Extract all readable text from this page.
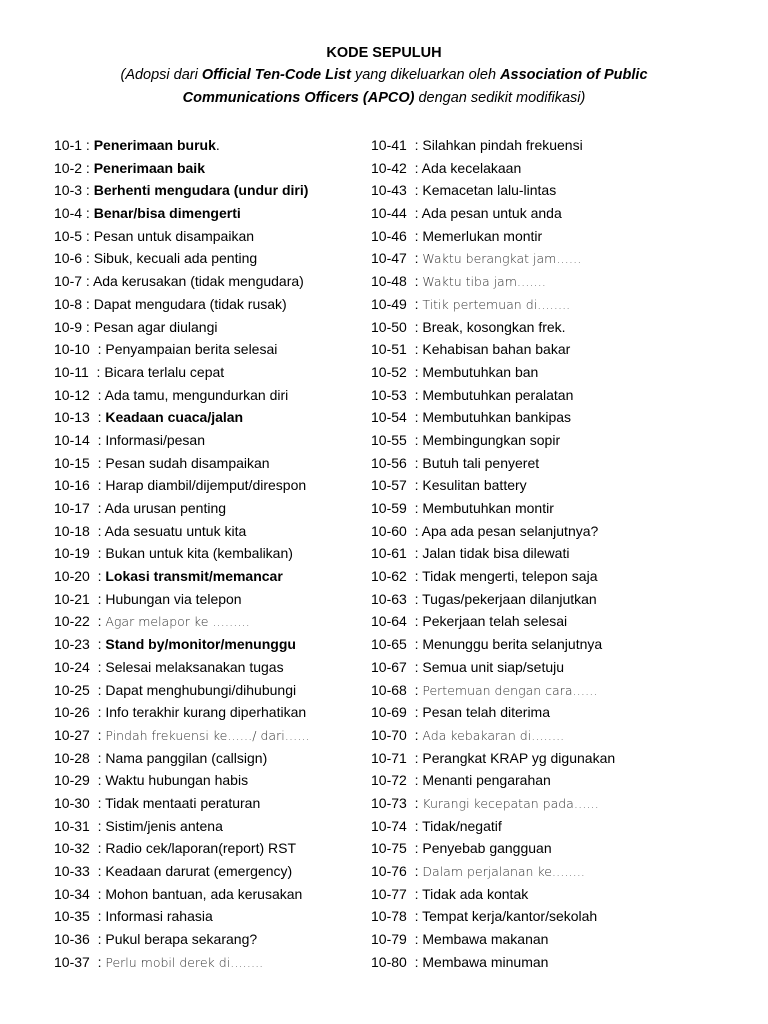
KODE SEPULUH
(Adopsi dari Official Ten-Code List yang dikeluarkan oleh Association of Public
Communications Officers (APCO) dengan sedikit modifikasi)
10-1 : Penerimaan buruk.
10-2 : Penerimaan baik
10-3 : Berhenti mengudara (undur diri)
10-4 : Benar/bisa dimengerti
10-5 : Pesan untuk disampaikan
10-6 : Sibuk, kecuali ada penting
10-7 : Ada kerusakan (tidak mengudara)
10-8 : Dapat mengudara (tidak rusak)
10-9 : Pesan agar diulangi
10-10  : Penyampaian berita selesai
10-11  : Bicara terlalu cepat
10-12  : Ada tamu, mengundurkan diri
10-13  : Keadaan cuaca/jalan
10-14  : Informasi/pesan
10-15  : Pesan sudah disampaikan
10-16  : Harap diambil/dijemput/direspon
10-17  : Ada urusan penting
10-18  : Ada sesuatu untuk kita
10-19  : Bukan untuk kita (kembalikan)
10-20  : Lokasi transmit/memancar
10-21  : Hubungan via telepon
10-22  : Agar melapor ke ………
10-23  : Stand by/monitor/menunggu
10-24  : Selesai melaksanakan tugas
10-25  : Dapat menghubungi/dihubungi
10-26  : Info terakhir kurang diperhatikan
10-27  : Pindah frekuensi ke……/ dari……
10-28  : Nama panggilan (callsign)
10-29  : Waktu hubungan habis
10-30  : Tidak mentaati peraturan
10-31  : Sistim/jenis antena
10-32  : Radio cek/laporan(report) RST
10-33  : Keadaan darurat (emergency)
10-34  : Mohon bantuan, ada kerusakan
10-35  : Informasi rahasia
10-36  : Pukul berapa sekarang?
10-37  : Perlu mobil derek di……..
10-41  : Silahkan pindah frekuensi
10-42  : Ada kecelakaan
10-43  : Kemacetan lalu-lintas
10-44  : Ada pesan untuk anda
10-46  : Memerlukan montir
10-47  : Waktu berangkat jam……
10-48  : Waktu tiba jam…….
10-49  : Titik pertemuan di……..
10-50  : Break, kosongkan frek.
10-51  : Kehabisan bahan bakar
10-52  : Membutuhkan ban
10-53  : Membutuhkan peralatan
10-54  : Membutuhkan bankipas
10-55  : Membingungkan sopir
10-56  : Butuh tali penyeret
10-57  : Kesulitan battery
10-59  : Membutuhkan montir
10-60  : Apa ada pesan selanjutnya?
10-61  : Jalan tidak bisa dilewati
10-62  : Tidak mengerti, telepon saja
10-63  : Tugas/pekerjaan dilanjutkan
10-64  : Pekerjaan telah selesai
10-65  : Menunggu berita selanjutnya
10-67  : Semua unit siap/setuju
10-68  : Pertemuan dengan cara……
10-69  : Pesan telah diterima
10-70  : Ada kebakaran di……..
10-71  : Perangkat KRAP yg digunakan
10-72  : Menanti pengarahan
10-73  : Kurangi kecepatan pada……
10-74  : Tidak/negatif
10-75  : Penyebab gangguan
10-76  : Dalam perjalanan ke……..
10-77  : Tidak ada kontak
10-78  : Tempat kerja/kantor/sekolah
10-79  : Membawa makanan
10-80  : Membawa minuman
